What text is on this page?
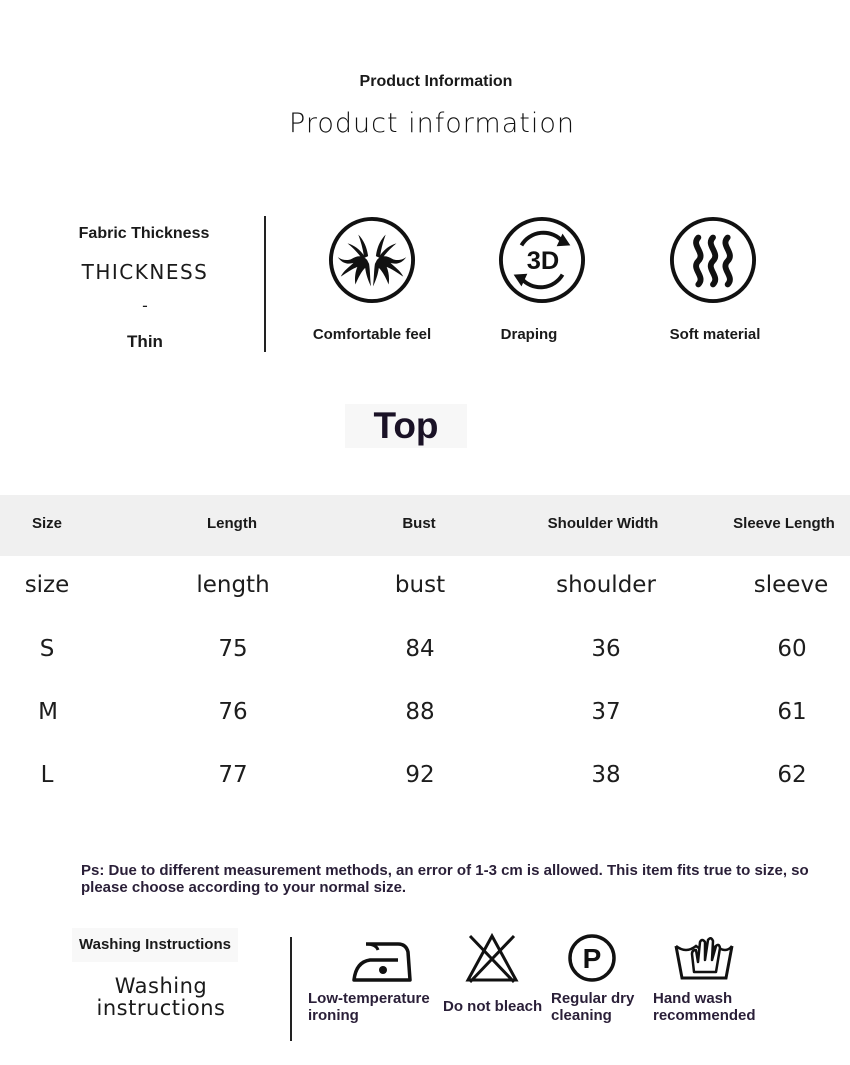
Product Information
Product information
Fabric Thickness
THICKNESS
-
Thin
3D
Comfortable feel	Draping	Soft material
Top
Size	Length	Bust	Shoulder Width	Sleeve Length
size	length	bust	shoulder	sleeve
S	75	84	36	60
M	76	88	37	61
L	77	92	38	62
Ps: Due to different measurement methods, an error of 1-3 cm is allowed. This item fits true to size, so please choose according to your normal size.
Washing Instructions
Washing
instructions
P
Low-temperature
ironing
Do not bleach Regular dry
cleaning
Hand wash
recommended
